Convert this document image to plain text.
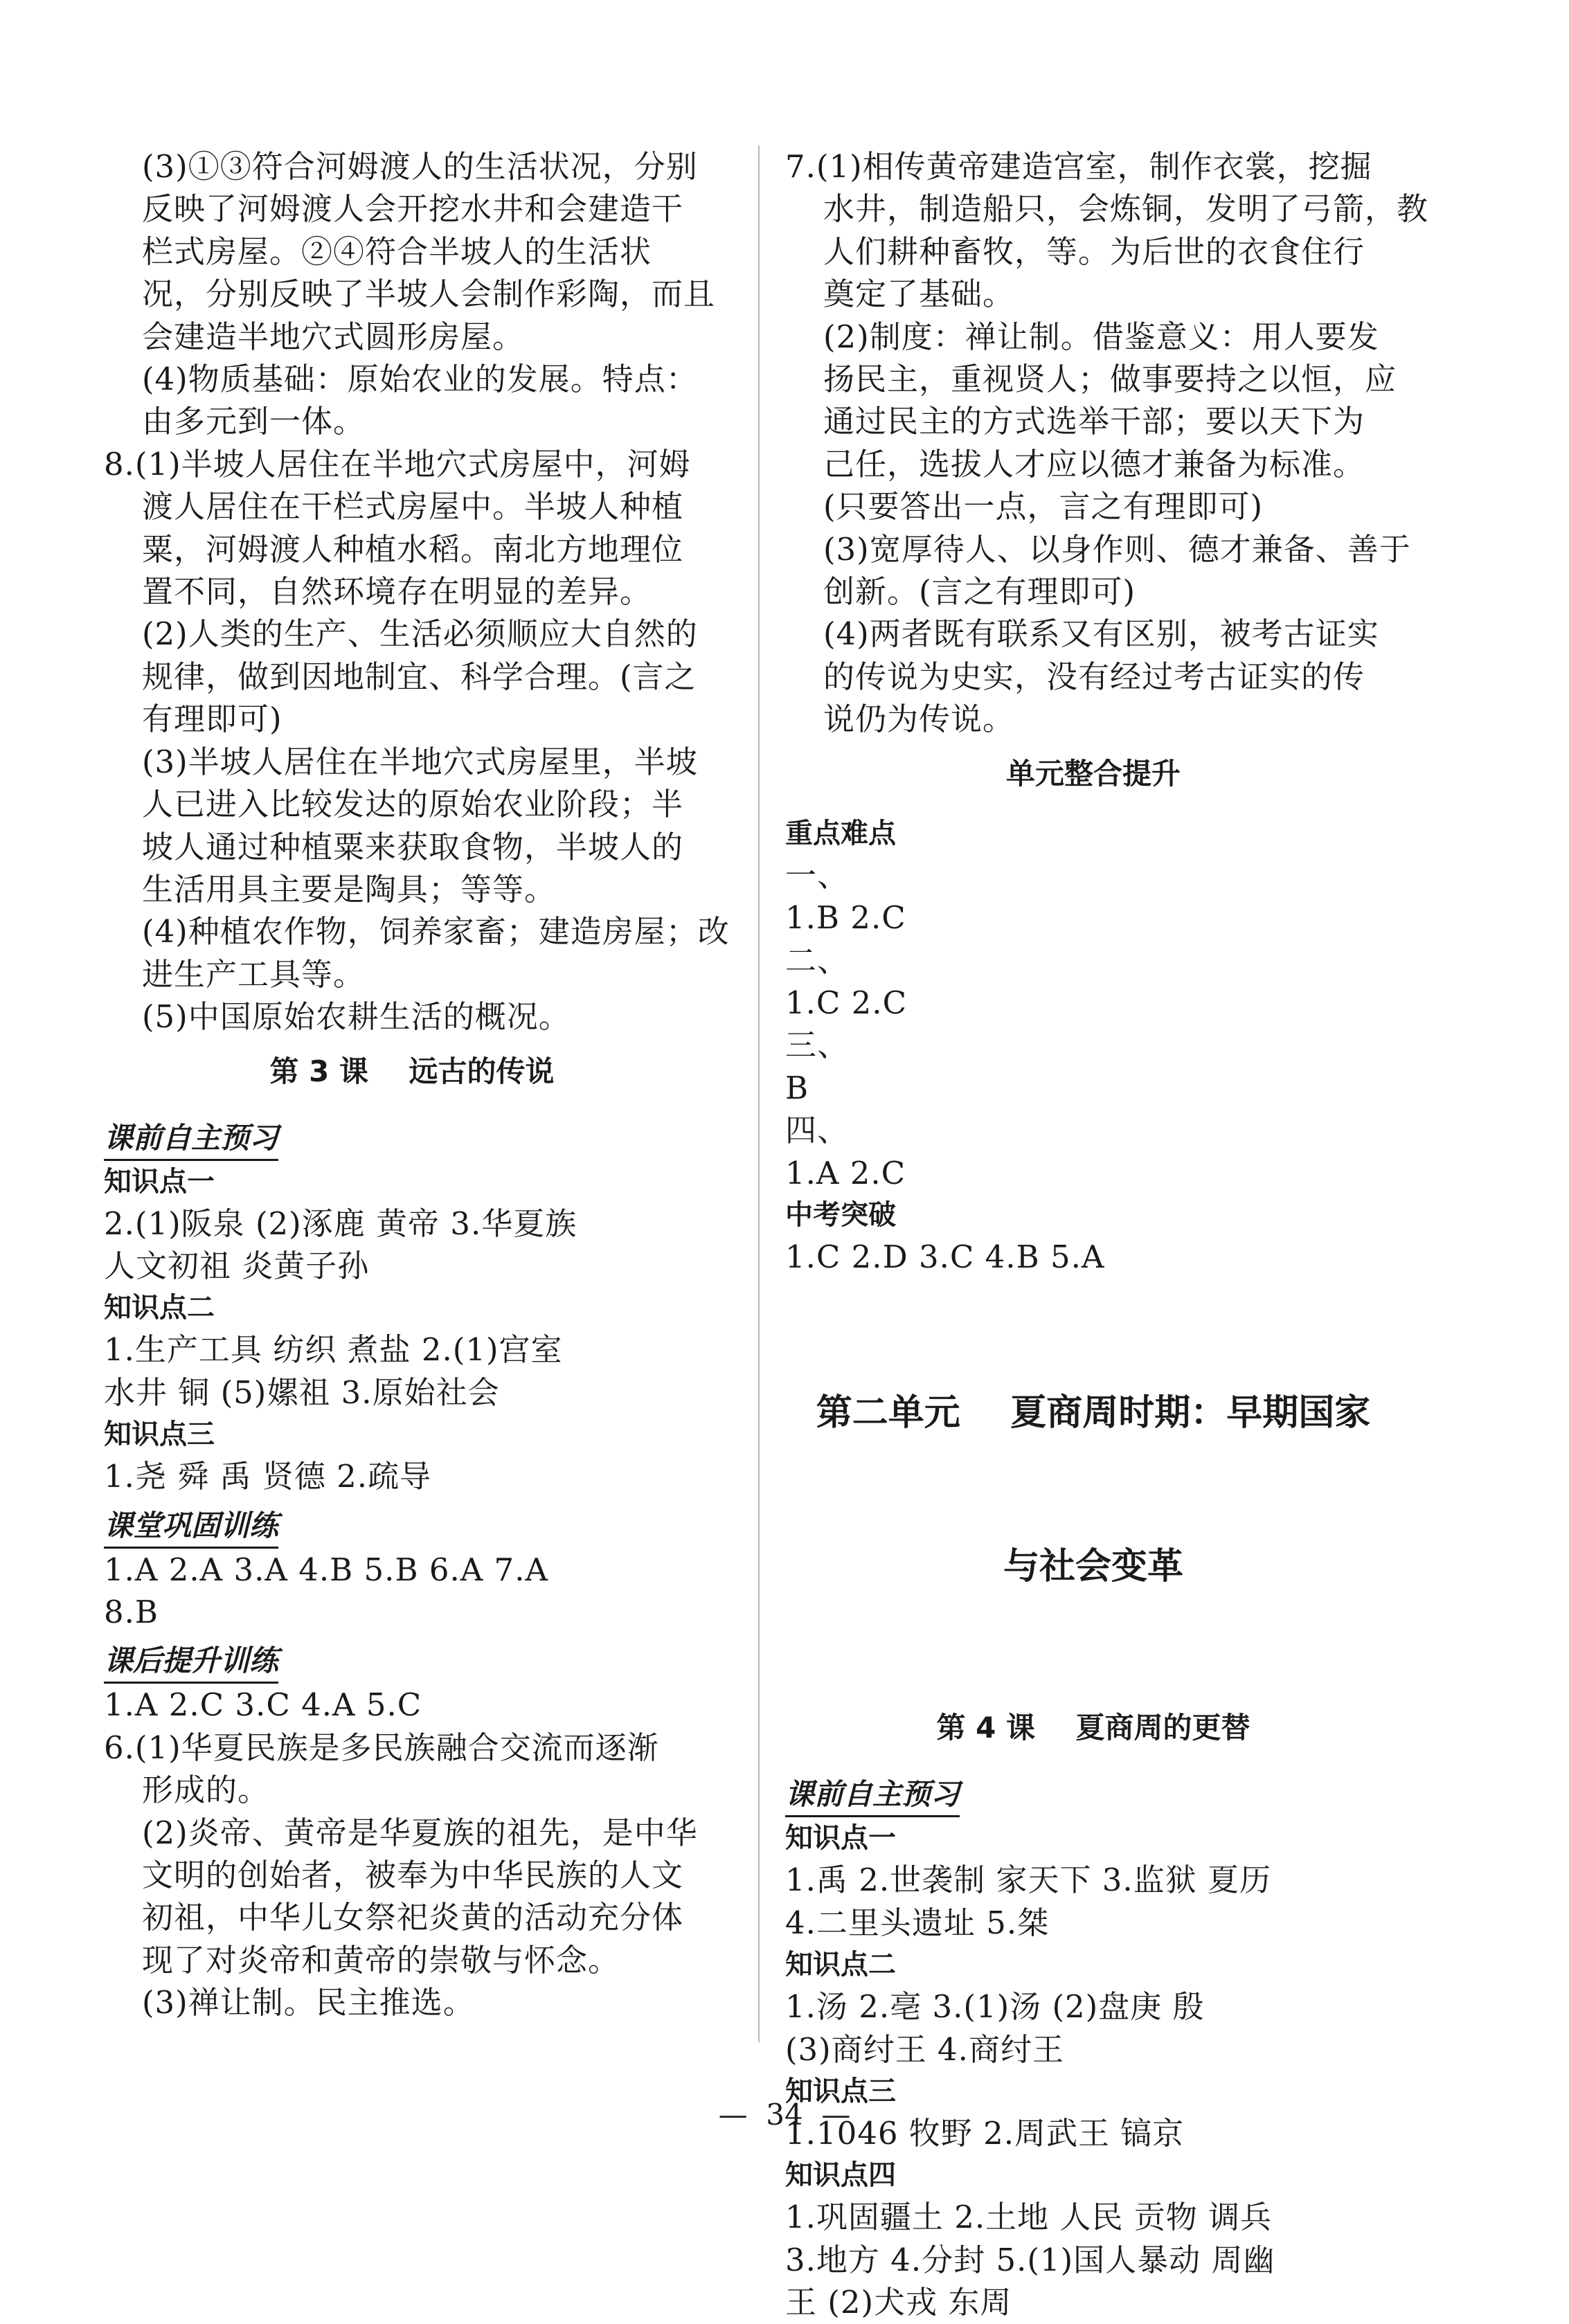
(3)①③符合河姆渡人的生活状况，分别
反映了河姆渡人会开挖水井和会建造干
栏式房屋。②④符合半坡人的生活状
况，分别反映了半坡人会制作彩陶，而且
会建造半地穴式圆形房屋。
(4)物质基础：原始农业的发展。特点：
由多元到一体。
8.(1)半坡人居住在半地穴式房屋中，河姆
渡人居住在干栏式房屋中。半坡人种植
粟，河姆渡人种植水稻。南北方地理位
置不同，自然环境存在明显的差异。
(2)人类的生产、生活必须顺应大自然的
规律，做到因地制宜、科学合理。(言之
有理即可)
(3)半坡人居住在半地穴式房屋里，半坡
人已进入比较发达的原始农业阶段；半
坡人通过种植粟来获取食物，半坡人的
生活用具主要是陶具；等等。
(4)种植农作物，饲养家畜；建造房屋；改
进生产工具等。
(5)中国原始农耕生活的概况。
第 3 课    远古的传说
课前自主预习
知识点一
2.(1)阪泉 (2)涿鹿 黄帝 3.华夏族
人文初祖 炎黄子孙
知识点二
1.生产工具 纺织 煮盐 2.(1)宫室
水井 铜 (5)嫘祖 3.原始社会
知识点三
1.尧 舜 禹 贤德 2.疏导
课堂巩固训练
1.A 2.A 3.A 4.B 5.B 6.A 7.A
8.B
课后提升训练
1.A 2.C 3.C 4.A 5.C
6.(1)华夏民族是多民族融合交流而逐渐
形成的。
(2)炎帝、黄帝是华夏族的祖先，是中华
文明的创始者，被奉为中华民族的人文
初祖，中华儿女祭祀炎黄的活动充分体
现了对炎帝和黄帝的崇敬与怀念。
(3)禅让制。民主推选。
7.(1)相传黄帝建造宫室，制作衣裳，挖掘
水井，制造船只，会炼铜，发明了弓箭，教
人们耕种畜牧，等。为后世的衣食住行
奠定了基础。
(2)制度：禅让制。借鉴意义：用人要发
扬民主，重视贤人；做事要持之以恒，应
通过民主的方式选举干部；要以天下为
己任，选拔人才应以德才兼备为标准。
(只要答出一点，言之有理即可)
(3)宽厚待人、以身作则、德才兼备、善于
创新。(言之有理即可)
(4)两者既有联系又有区别，被考古证实
的传说为史实，没有经过考古证实的传
说仍为传说。
单元整合提升
重点难点
一、
1.B 2.C
二、
1.C 2.C
三、
B
四、
1.A 2.C
中考突破
1.C 2.D 3.C 4.B 5.A

第二单元    夏商周时期：早期国家

与社会变革

第 4 课    夏商周的更替
课前自主预习
知识点一
1.禹 2.世袭制 家天下 3.监狱 夏历
4.二里头遗址 5.桀
知识点二
1.汤 2.亳 3.(1)汤 (2)盘庚 殷
(3)商纣王 4.商纣王
知识点三
1.1046 牧野 2.周武王 镐京
知识点四
1.巩固疆土 2.土地 人民 贡物 调兵
3.地方 4.分封 5.(1)国人暴动 周幽
王 (2)犬戎 东周
—  34  —
